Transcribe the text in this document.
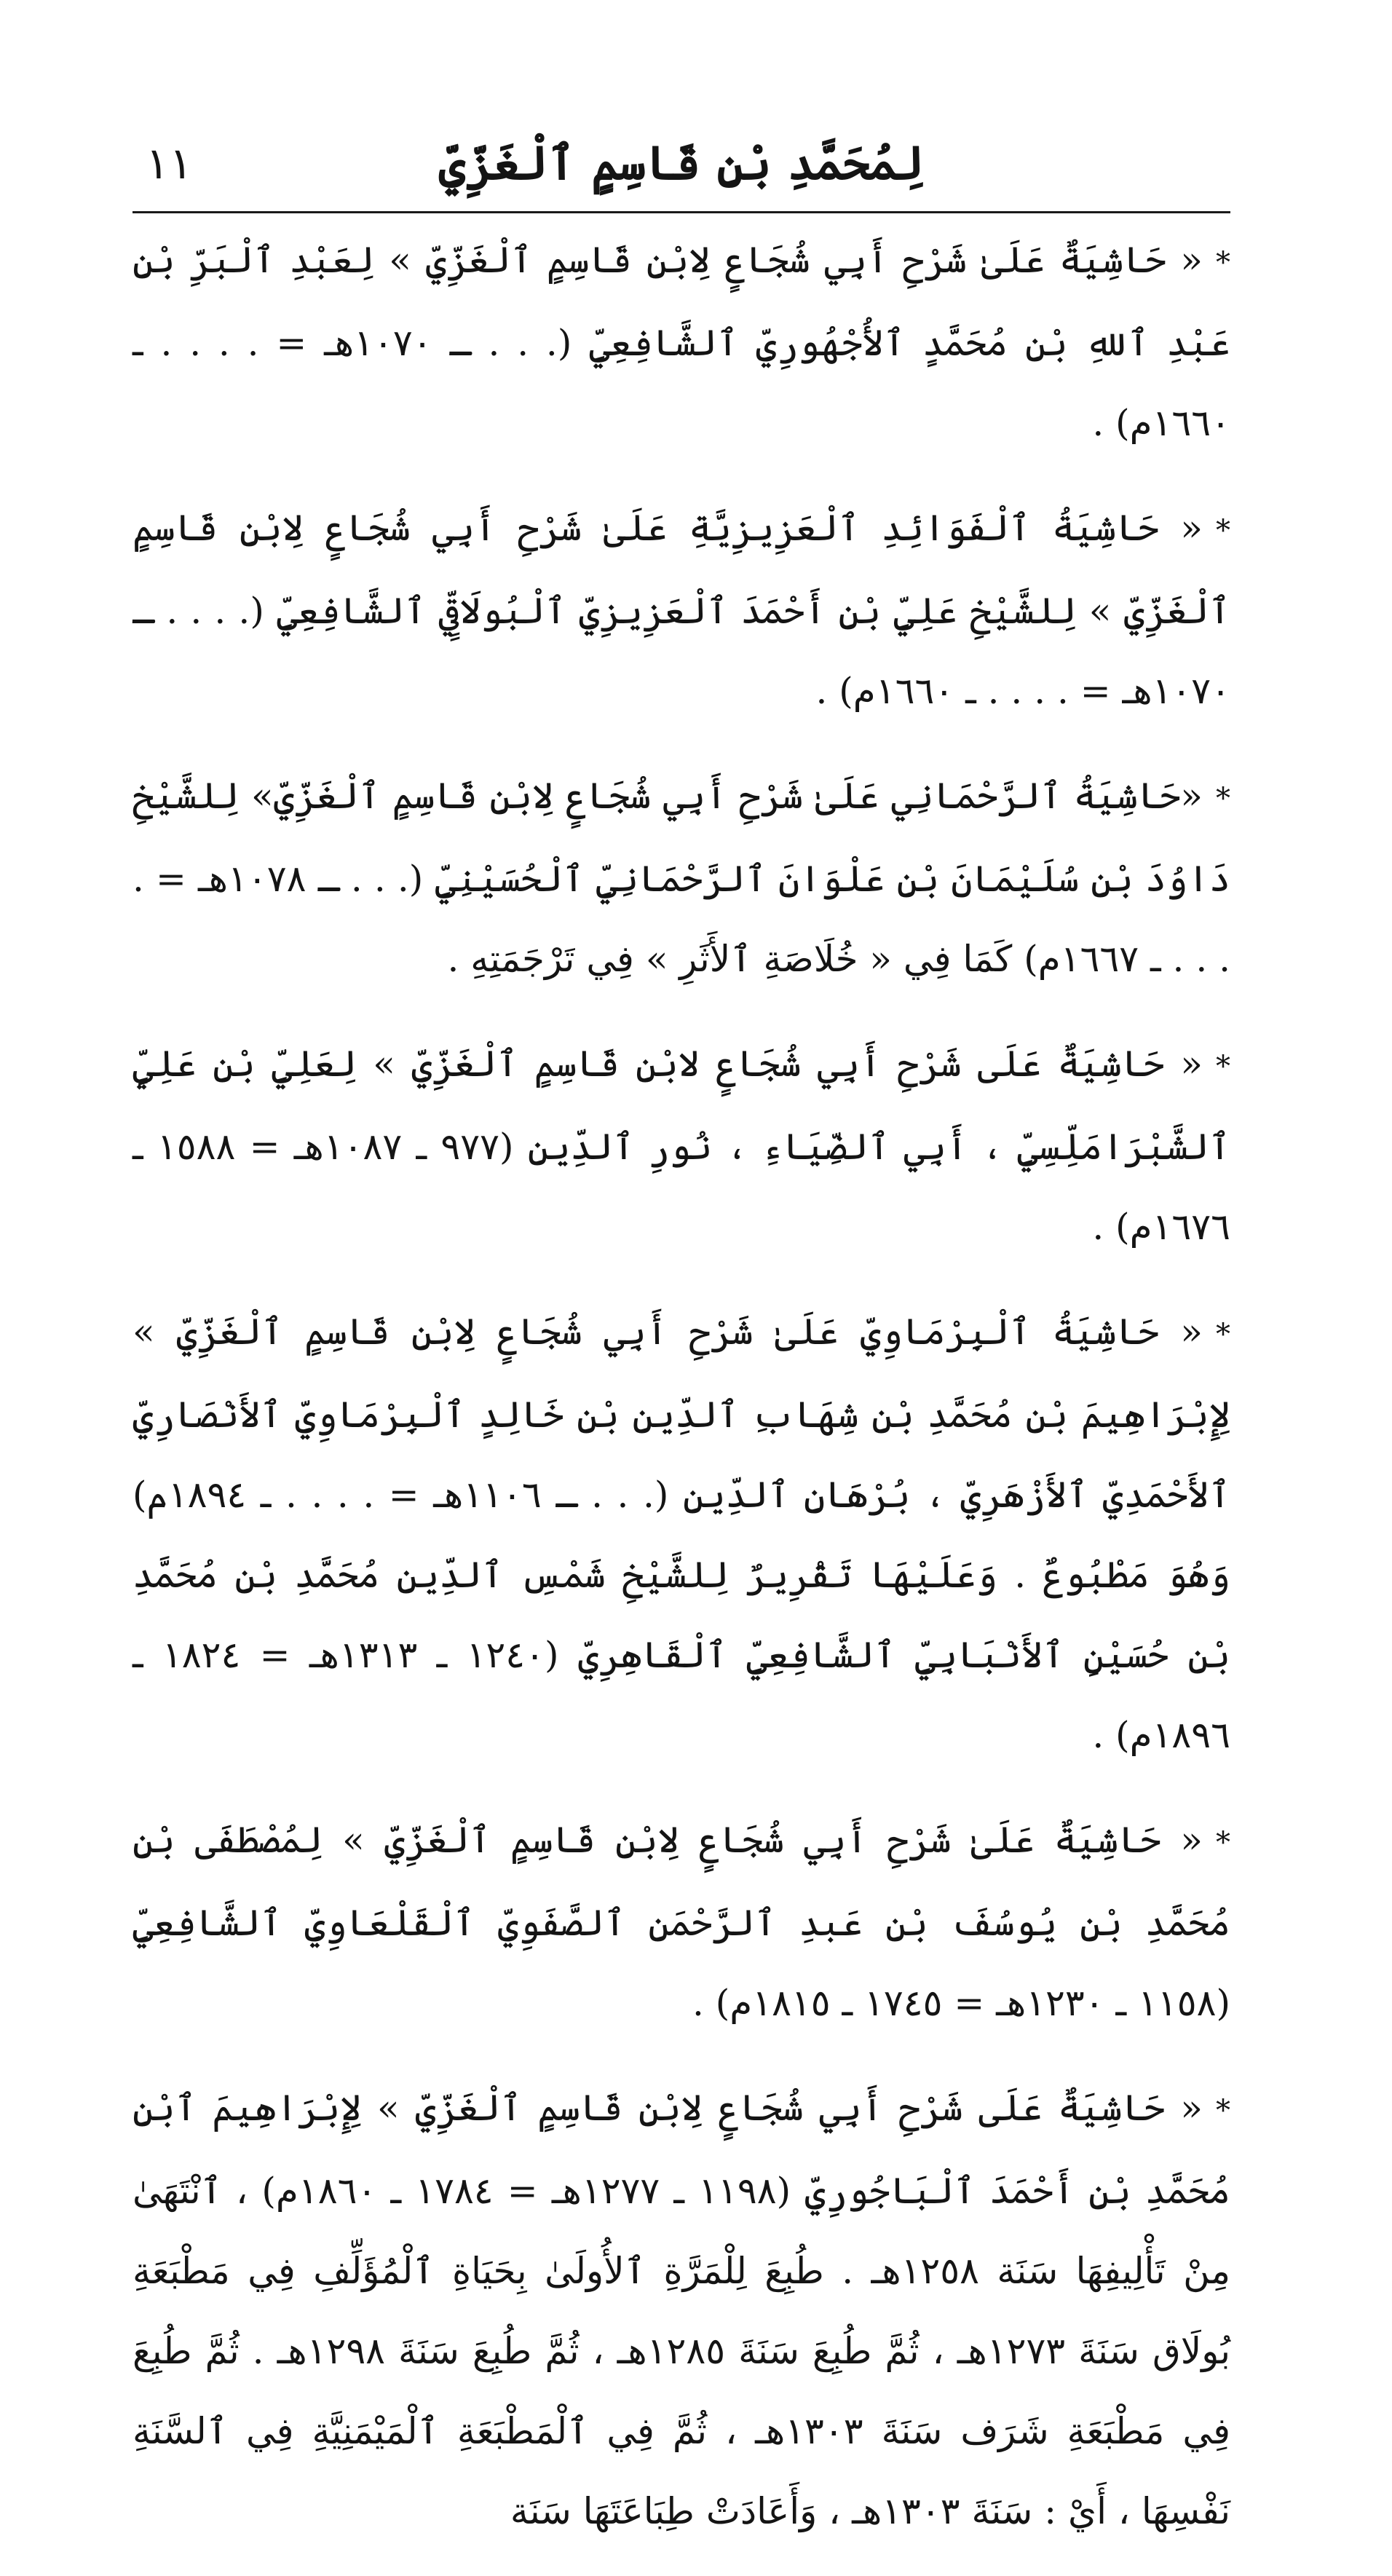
لِمُحَمَّدِ بْنِ قَاسِمٍ ٱلْغَزِّيِّ
١١

*« حَاشِيَةٌ عَلَىٰ شَرْحِ أَبِي شُجَاعٍ لِابْنِ قَاسِمٍ ٱلْغَزِّيِّ » لِعَبْدِ ٱلْبَرِّ بْنِ عَبْدِ ٱللهِ بْنِ مُحَمَّدٍ ٱلأُجْهُورِيِّ ٱلشَّافِعِيِّ (. . . ـ ١٠٧٠هـ = . . . . ـ ١٦٦٠م) .

*« حَاشِيَةُ ٱلْفَوَائِدِ ٱلْعَزِيزِيَّةِ عَلَىٰ شَرْحِ أَبِي شُجَاعٍ لِابْنِ قَاسِمٍ ٱلْغَزِّيِّ » لِلشَّيْخِ عَلِيِّ بْنِ أَحْمَدَ ٱلْعَزِيزِيِّ ٱلْبُولَاقِيِّ ٱلشَّافِعِيِّ (. . . . ـ ١٠٧٠هـ = . . . . ـ ١٦٦٠م) .

*«حَاشِيَةُ ٱلرَّحْمَانِي عَلَىٰ شَرْحِ أَبِي شُجَاعٍ لِابْنِ قَاسِمٍ ٱلْغَزِّيِّ» لِلشَّيْخِ دَاوُدَ بْنِ سُلَيْمَانَ بْنِ عَلْوَانَ ٱلرَّحْمَانِيِّ ٱلْحُسَيْنِيِّ (. . . ـ ١٠٧٨هـ = . . . . ـ ١٦٦٧م) كَمَا فِي « خُلَاصَةِ ٱلأَثَرِ » فِي تَرْجَمَتِهِ .

*« حَاشِيَةٌ عَلَى شَرْحِ أَبِي شُجَاعٍ لابْنِ قَاسِمٍ ٱلْغَزِّيِّ » لِعَلِيِّ بْنِ عَلِيٍّ ٱلشَّبْرَامَلِّسِيِّ ، أَبِي ٱلضِّيَاءِ ، نُورِ ٱلدِّينِ (٩٧٧ ـ ١٠٨٧هـ = ١٥٨٨ ـ ١٦٧٦م) .

*« حَاشِيَةُ ٱلْبِرْمَاوِيِّ عَلَىٰ شَرْحِ أَبِي شُجَاعٍ لِابْنِ قَاسِمٍ ٱلْغَزِّيِّ » لِإِبْرَاهِيمَ بْنِ مُحَمَّدِ بْنِ شِهَابِ ٱلدِّينِ بْنِ خَالِدٍ ٱلْبِرْمَاوِيِّ ٱلأَنْصَارِيِّ ٱلأَحْمَدِيِّ ٱلأَزْهَرِيِّ ، بُرْهَانِ ٱلدِّينِ (. . . ـ ١١٠٦هـ = . . . . ـ ١٨٩٤م) وَهُوَ مَطْبُوعٌ . وَعَلَيْهَا تَقْرِيرٌ لِلشَّيْخِ شَمْسِ ٱلدِّينِ مُحَمَّدِ بْنِ مُحَمَّدِ بْنِ حُسَيْنٍ ٱلأَنْبَابِيِّ ٱلشَّافِعِيِّ ٱلْقَاهِرِيِّ (١٢٤٠ ـ ١٣١٣هـ = ١٨٢٤ ـ ١٨٩٦م) .

*« حَاشِيَةٌ عَلَىٰ شَرْحِ أَبِي شُجَاعٍ لِابْنِ قَاسِمٍ ٱلْغَزِّيِّ » لِمُصْطَفَى بْنِ مُحَمَّدِ بْنِ يُوسُفَ بْنِ عَبدِ ٱلرَّحْمَنِ ٱلصَّفَوِيِّ ٱلْقَلْعَاوِيِّ ٱلشَّافِعِيِّ (١١٥٨ ـ ١٢٣٠هـ = ١٧٤٥ ـ ١٨١٥م) .

*« حَاشِيَةٌ عَلَى شَرْحِ أَبِي شُجَاعٍ لِابْنِ قَاسِمٍ ٱلْغَزِّيِّ » لِإِبْرَاهِيمَ ٱبْنِ مُحَمَّدِ بْنِ أَحْمَدَ ٱلْبَاجُورِيِّ (١١٩٨ ـ ١٢٧٧هـ = ١٧٨٤ ـ ١٨٦٠م) ، ٱنْتَهَىٰ مِنْ تَأْلِيفِهَا سَنَة ١٢٥٨هـ . طُبِعَ لِلْمَرَّةِ ٱلأُولَىٰ بِحَيَاةِ ٱلْمُؤَلِّفِ فِي مَطْبَعَةِ بُولَاق سَنَةَ ١٢٧٣هـ ، ثُمَّ طُبِعَ سَنَةَ ١٢٨٥هـ ، ثُمَّ طُبِعَ سَنَةَ ١٢٩٨هـ . ثُمَّ طُبِعَ فِي مَطْبَعَةِ شَرَف سَنَةَ ١٣٠٣هـ ، ثُمَّ فِي ٱلْمَطْبَعَةِ ٱلْمَيْمَنِيَّةِ فِي ٱلسَّنَةِ نَفْسِهَا ، أَيْ : سَنَةَ ١٣٠٣هـ ، وَأَعَادَتْ طِبَاعَتَهَا سَنَة
